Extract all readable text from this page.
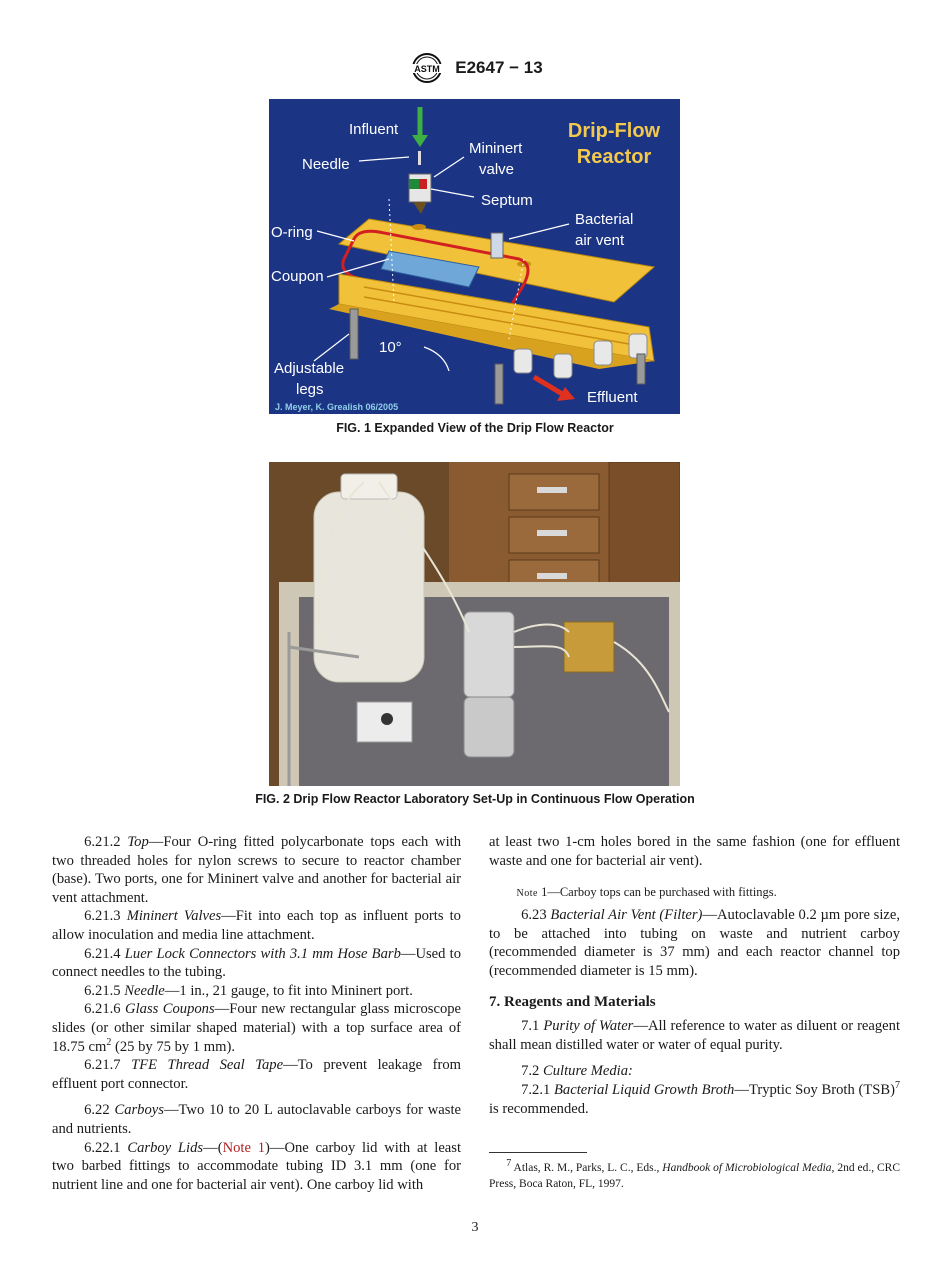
ASTM E2647 − 13
Drip-Flow
Reactor
Influent
Needle
Mininert
valve
Septum
Bacterial
air vent
O-ring
Coupon
10°
Adjustable
legs	Effluent
J. Meyer, K. Grealish 06/2005
FIG. 1 Expanded View of the Drip Flow Reactor
FIG. 2 Drip Flow Reactor Laboratory Set-Up in Continuous Flow Operation

6.21.2 Top—Four O-ring fitted polycarbonate tops each with two threaded holes for nylon screws to secure to reactor chamber (base). Two ports, one for Mininert valve and another for bacterial air vent attachment.

6.21.3 Mininert Valves—Fit into each top as influent ports to allow inoculation and media line attachment.

6.21.4 Luer Lock Connectors with 3.1 mm Hose Barb—Used to connect needles to the tubing.

6.21.5 Needle—1 in., 21 gauge, to fit into Mininert port.

6.21.6 Glass Coupons—Four new rectangular glass microscope slides (or other similar shaped material) with a top surface area of 18.75 $cm^2$ (25 by 75 by 1 mm).

6.21.7 TFE Thread Seal Tape—To prevent leakage from effluent port connector.

6.22 Carboys—Two 10 to 20 L autoclavable carboys for waste and nutrients.

6.22.1 Carboy Lids—(Note 1)—One carboy lid with at least two barbed fittings to accommodate tubing ID 3.1 mm (one for nutrient line and one for bacterial air vent). One carboy lid with

at least two 1-cm holes bored in the same fashion (one for effluent waste and one for bacterial air vent).

Note 1—Carboy tops can be purchased with fittings.

6.23 Bacterial Air Vent (Filter)—Autoclavable 0.2 µm pore size, to be attached into tubing on waste and nutrient carboy (recommended diameter is 37 mm) and each reactor channel top (recommended diameter is 15 mm).

7. Reagents and Materials

7.1 Purity of Water—All reference to water as diluent or reagent shall mean distilled water or water of equal purity.

7.2 Culture Media:

7.2.1 Bacterial Liquid Growth Broth—Tryptic Soy Broth (TSB)$^7$ is recommended.

$^7$ Atlas, R. M., Parks, L. C., Eds., Handbook of Microbiological Media, 2nd ed., CRC Press, Boca Raton, FL, 1997.
3
